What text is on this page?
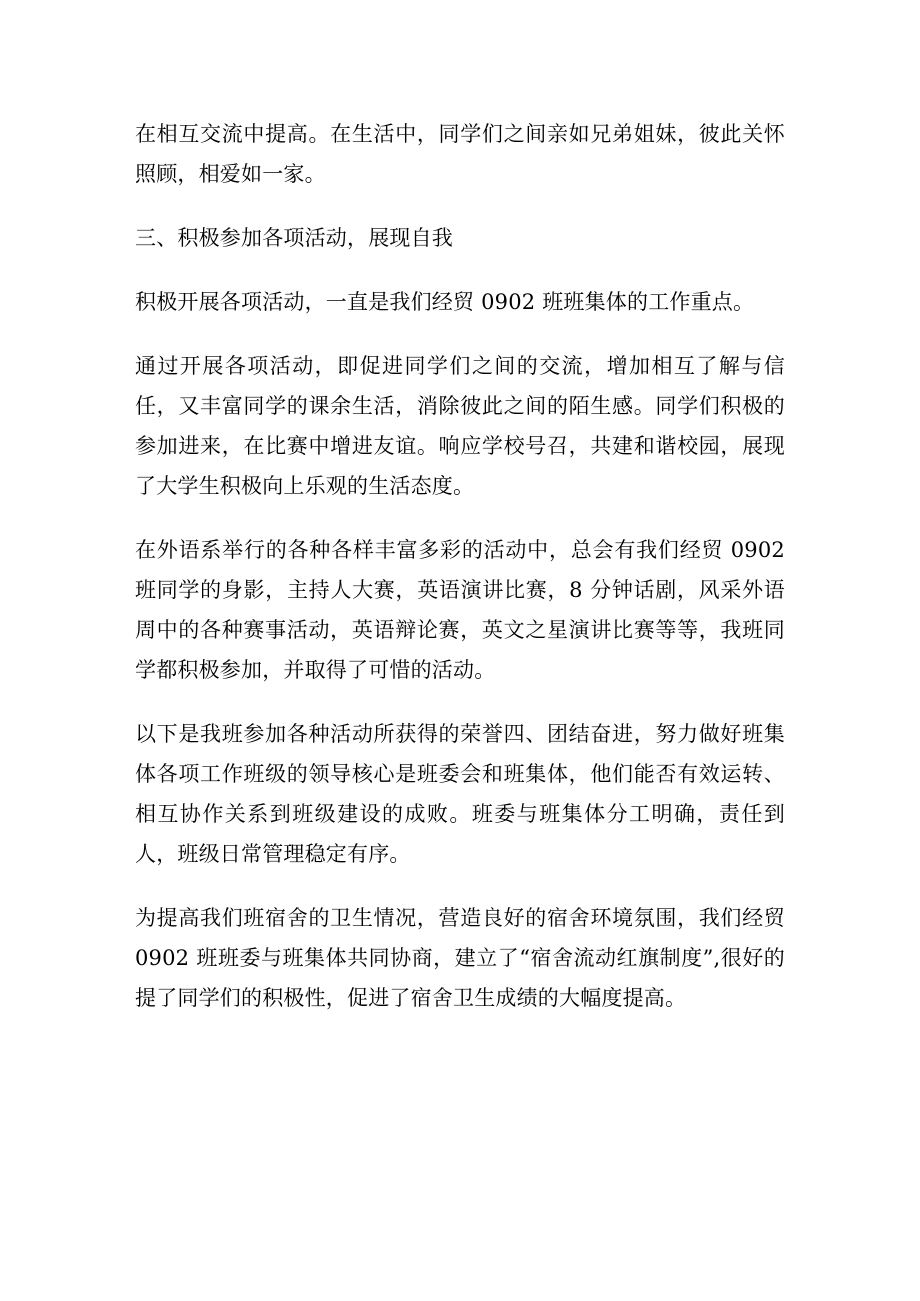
在相互交流中提高。在生活中，同学们之间亲如兄弟姐妹，彼此关怀照顾，相爱如一家。

三、积极参加各项活动，展现自我

积极开展各项活动，一直是我们经贸 0902 班班集体的工作重点。

通过开展各项活动，即促进同学们之间的交流，增加相互了解与信任，又丰富同学的课余生活，消除彼此之间的陌生感。同学们积极的参加进来，在比赛中增进友谊。响应学校号召，共建和谐校园，展现了大学生积极向上乐观的生活态度。

在外语系举行的各种各样丰富多彩的活动中，总会有我们经贸 0902 班同学的身影，主持人大赛，英语演讲比赛，8 分钟话剧，风采外语周中的各种赛事活动，英语辩论赛，英文之星演讲比赛等等，我班同学都积极参加，并取得了可惜的活动。

以下是我班参加各种活动所获得的荣誉四、团结奋进，努力做好班集体各项工作班级的领导核心是班委会和班集体，他们能否有效运转、相互协作关系到班级建设的成败。班委与班集体分工明确，责任到人，班级日常管理稳定有序。

为提高我们班宿舍的卫生情况，营造良好的宿舍环境氛围，我们经贸 0902 班班委与班集体共同协商，建立了“宿舍流动红旗制度”,很好的提了同学们的积极性，促进了宿舍卫生成绩的大幅度提高。
